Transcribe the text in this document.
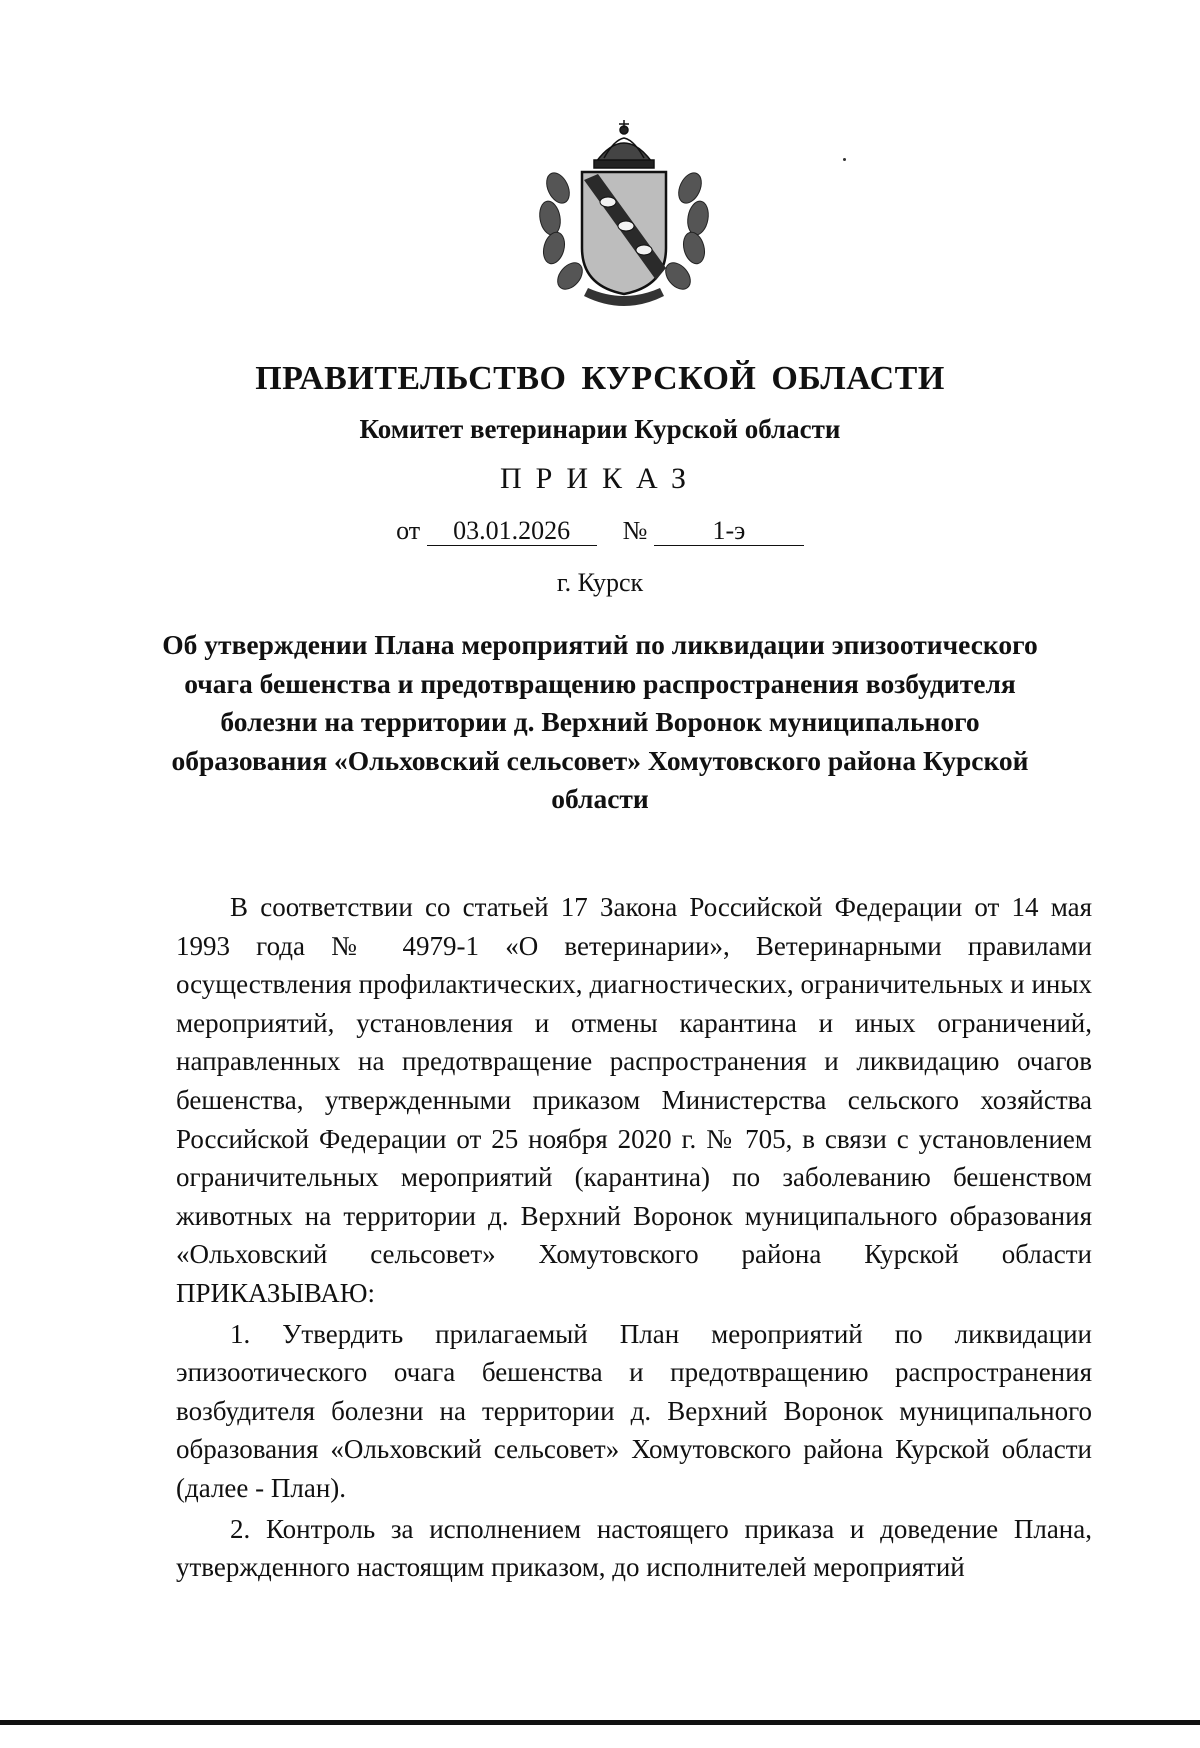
ПРАВИТЕЛЬСТВО КУРСКОЙ ОБЛАСТИ
Комитет ветеринарии Курской области
ПРИКАЗ
от 03.01.2026 №	1-э
г. Курск
Об утверждении Плана мероприятий по ликвидации эпизоотического очага бешенства и предотвращению распространения возбудителя болезни на территории д. Верхний Воронок муниципального образования «Ольховский сельсовет» Хомутовского района Курской области

В соответствии со статьей 17 Закона Российской Федерации от 14 мая 1993 года № 4979-1 «О ветеринарии», Ветеринарными правилами осуществления профилактических, диагностических, ограничительных и иных мероприятий, установления и отмены карантина и иных ограничений, направленных на предотвращение распространения и ликвидацию очагов бешенства, утвержденными приказом Министерства сельского хозяйства Российской Федерации от 25 ноября 2020 г. № 705, в связи с установлением ограничительных мероприятий (карантина) по заболеванию бешенством животных на территории д. Верхний Воронок муниципального образования «Ольховский сельсовет» Хомутовского района Курской области ПРИКАЗЫВАЮ:

1. Утвердить прилагаемый План мероприятий по ликвидации эпизоотического очага бешенства и предотвращению распространения возбудителя болезни на территории д. Верхний Воронок муниципального образования «Ольховский сельсовет» Хомутовского района Курской области (далее - План).

2. Контроль за исполнением настоящего приказа и доведение Плана, утвержденного настоящим приказом, до исполнителей мероприятий
